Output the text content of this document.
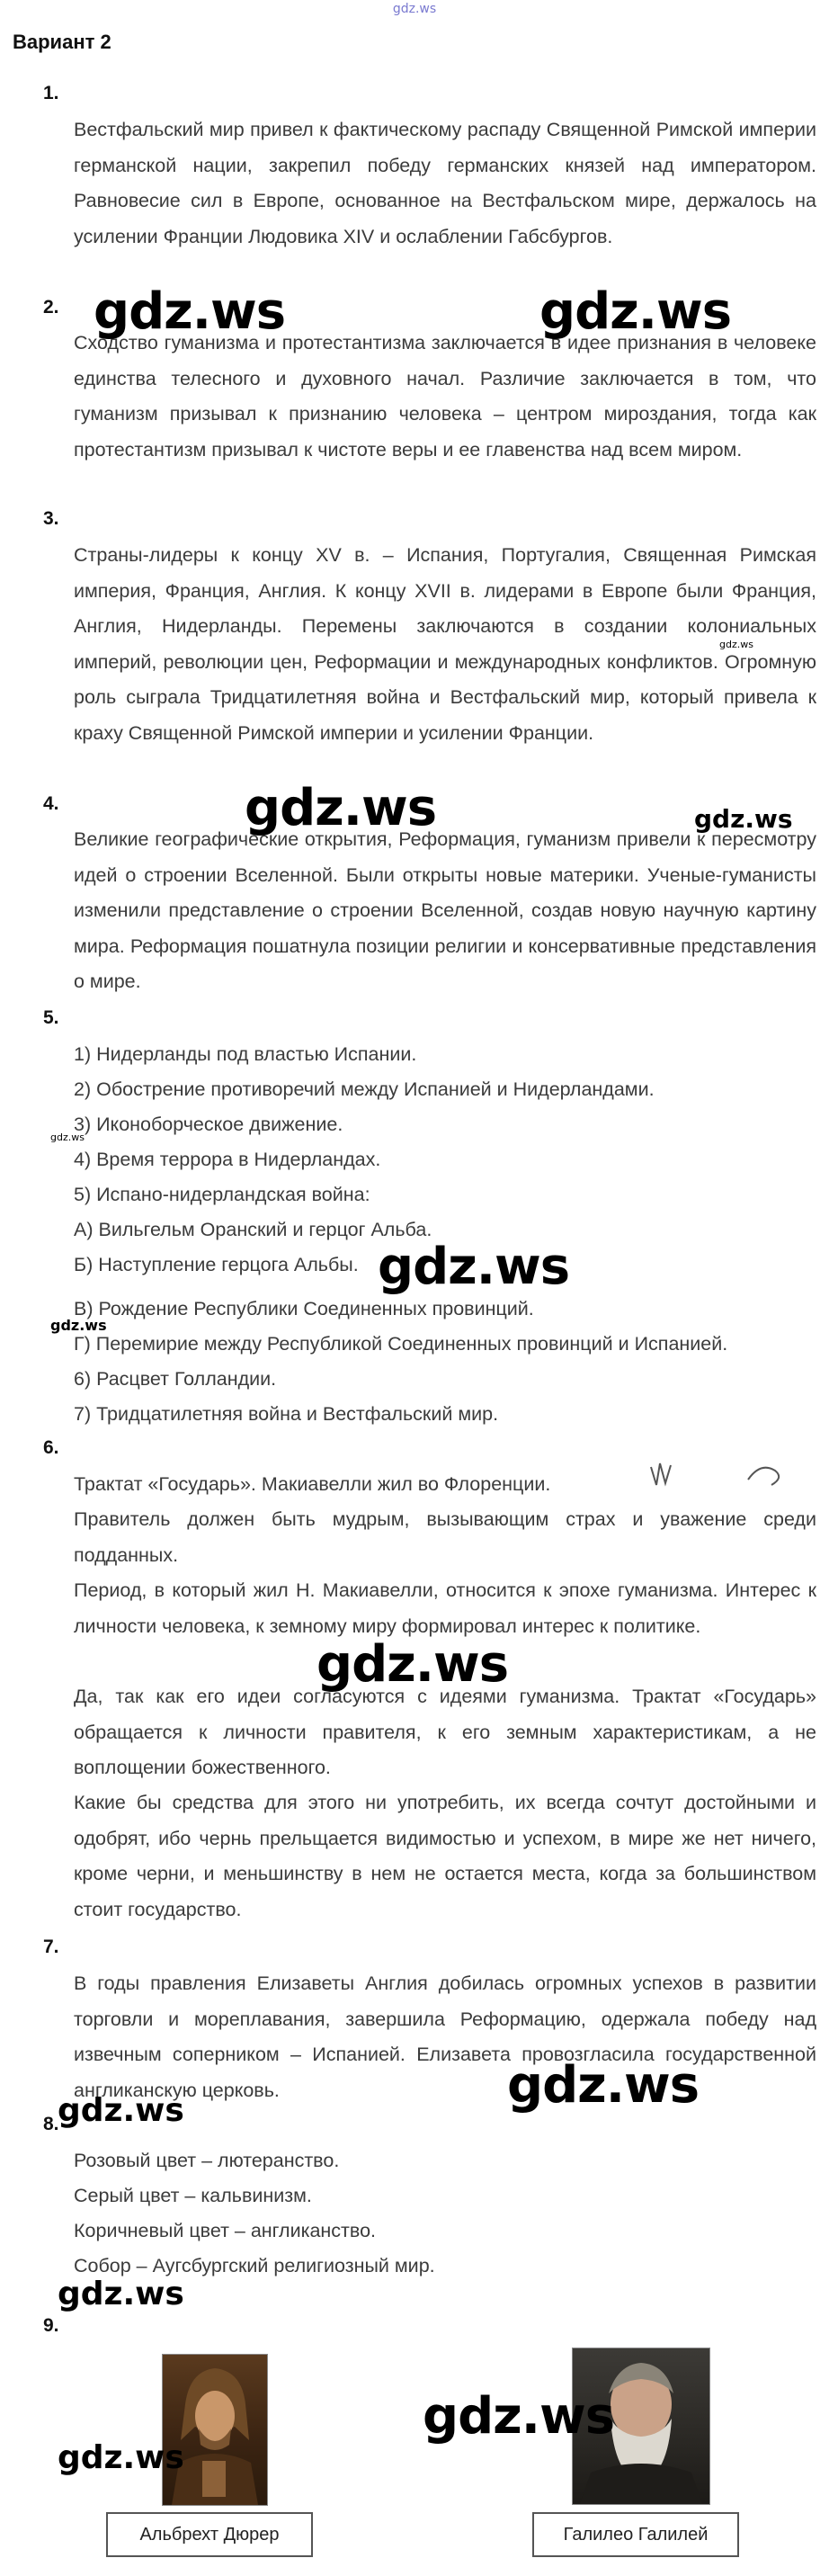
gdz.ws
Вариант 2
1.
Вестфальский мир привел к фактическому распаду Священной Римской империи германской нации, закрепил победу германских князей над императором. Равновесие сил в Европе, основанное на Вестфальском мире, держалось на усилении Франции Людовика XIV и ослаблении Габсбургов.
2.
Сходство гуманизма и протестантизма заключается в идее признания в человеке единства телесного и духовного начал. Различие заключается в том, что гуманизм призывал к признанию человека – центром мироздания, тогда как протестантизм призывал к чистоте веры и ее главенства над всем миром.
3.
Страны-лидеры к концу XV в. – Испания, Португалия, Священная Римская империя, Франция, Англия. К концу XVII в. лидерами в Европе были Франция, Англия, Нидерланды. Перемены заключаются в создании колониальных империй, революции цен, Реформации и международных конфликтов. Огромную роль сыграла Тридцатилетняя война и Вестфальский мир, который привела к краху Священной Римской империи и усилении Франции.
4.
Великие географические открытия, Реформация, гуманизм привели к пересмотру идей о строении Вселенной. Были открыты новые материки. Ученые-гуманисты изменили представление о строении Вселенной, создав новую научную картину мира. Реформация пошатнула позиции религии и консервативные представления о мире.
5.
1) Нидерланды под властью Испании.
2) Обострение противоречий между Испанией и Нидерландами.
3) Иконоборческое движение.
4) Время террора в Нидерландах.
5) Испано-нидерландская война:
А) Вильгельм Оранский и герцог Альба.
Б) Наступление герцога Альбы.
В) Рождение Республики Соединенных провинций.
Г) Перемирие между Республикой Соединенных провинций и Испанией.
6) Расцвет Голландии.
7) Тридцатилетняя война и Вестфальский мир.
6.
Трактат «Государь». Макиавелли жил во Флоренции.
Правитель должен быть мудрым, вызывающим страх и уважение среди подданных.
Период, в который жил Н. Макиавелли, относится к эпохе гуманизма. Интерес к личности человека, к земному миру формировал интерес к политике.
Да, так как его идеи согласуются с идеями гуманизма. Трактат «Государь» обращается к личности правителя, к его земным характеристикам, а не воплощении божественного.
Какие бы средства для этого ни употребить, их всегда сочтут достойными и одобрят, ибо чернь прельщается видимостью и успехом, в мире же нет ничего, кроме черни, и меньшинству в нем не остается места, когда за большинством стоит государство.
7.
В годы правления Елизаветы Англия добилась огромных успехов в развитии торговли и мореплавания, завершила Реформацию, одержала победу над извечным соперником – Испанией. Елизавета провозгласила государственной англиканскую церковь.
8.
Розовый цвет – лютеранство.
Серый цвет – кальвинизм.
Коричневый цвет – англиканство.
Собор – Аугсбургский религиозный мир.
9.
Альбрехт Дюрер	Галилео Галилей
gdz.ws	gdz.ws
gdz.ws
gdz.ws	gdz.ws
gdz.ws
gdz.ws
gdz.ws
gdz.ws
gdz.ws
gdz.ws
gdz.ws
gdz.ws
gdz.ws
